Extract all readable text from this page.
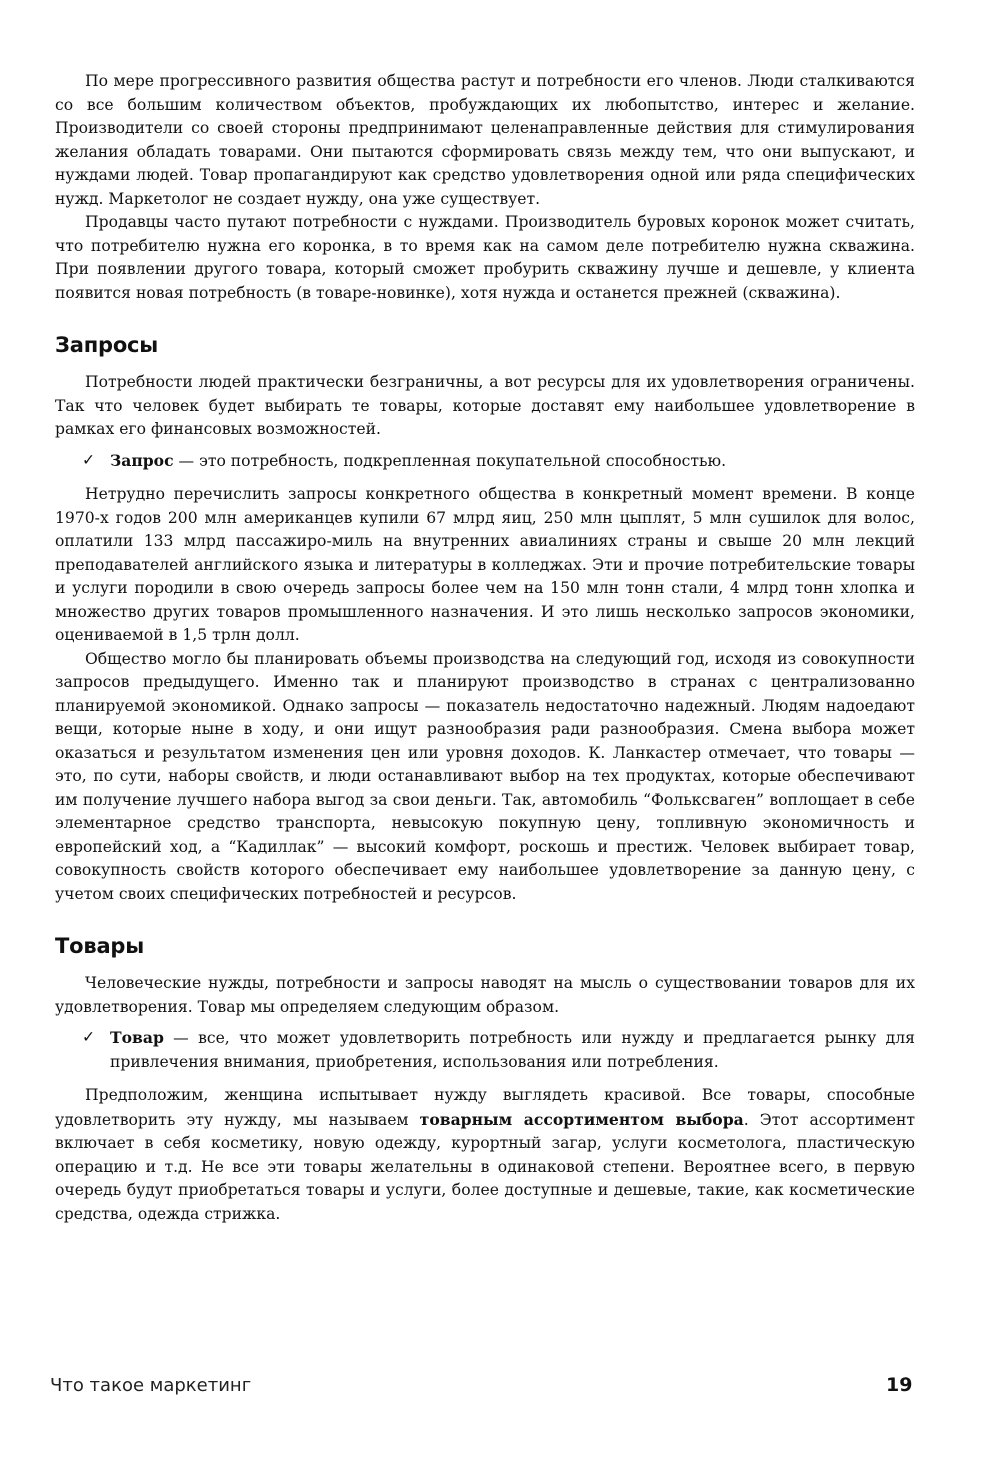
По мере прогрессивного развития общества растут и потребности его членов. Люди сталкиваются со все большим количеством объектов, пробуждающих их любопытство, интерес и желание. Производители со своей стороны предпринимают целенаправленные действия для стимулирования желания обладать товарами. Они пытаются сформировать связь между тем, что они выпускают, и нуждами людей. Товар пропагандируют как средство удовлетворения одной или ряда специфических нужд. Маркетолог не создает нужду, она уже существует.

Продавцы часто путают потребности с нуждами. Производитель буровых коронок может считать, что потребителю нужна его коронка, в то время как на самом деле потребителю нужна скважина. При появлении другого товара, который сможет пробурить скважину лучше и дешевле, у клиента появится новая потребность (в товаре-новинке), хотя нужда и останется прежней (скважина).

Запросы

Потребности людей практически безграничны, а вот ресурсы для их удовлетворения ограничены. Так что человек будет выбирать те товары, которые доставят ему наибольшее удовлетворение в рамках его финансовых возможностей.

✓ Запрос — это потребность, подкрепленная покупательной способностью.

Нетрудно перечислить запросы конкретного общества в конкретный момент времени. В конце 1970-х годов 200 млн американцев купили 67 млрд яиц, 250 млн цыплят, 5 млн сушилок для волос, оплатили 133 млрд пассажиро-миль на внутренних авиалиниях страны и свыше 20 млн лекций преподавателей английского языка и литературы в колледжах. Эти и прочие потребительские товары и услуги породили в свою очередь запросы более чем на 150 млн тонн стали, 4 млрд тонн хлопка и множество других товаров промышленного назначения. И это лишь несколько запросов экономики, оцениваемой в 1,5 трлн долл.

Общество могло бы планировать объемы производства на следующий год, исходя из совокупности запросов предыдущего. Именно так и планируют производство в странах с централизованно планируемой экономикой. Однако запросы — показатель недостаточно надежный. Людям надоедают вещи, которые ныне в ходу, и они ищут разнообразия ради разнообразия. Смена выбора может оказаться и результатом изменения цен или уровня доходов. К. Ланкастер отмечает, что товары — это, по сути, наборы свойств, и люди останавливают выбор на тех продуктах, которые обеспечивают им получение лучшего набора выгод за свои деньги. Так, автомобиль “Фольксваген” воплощает в себе элементарное средство транспорта, невысокую покупную цену, топливную экономичность и европейский ход, а “Кадиллак” — высокий комфорт, роскошь и престиж. Человек выбирает товар, совокупность свойств которого обеспечивает ему наибольшее удовлетворение за данную цену, с учетом своих специфических потребностей и ресурсов.

Товары

Человеческие нужды, потребности и запросы наводят на мысль о существовании товаров для их удовлетворения. Товар мы определяем следующим образом.

✓ Товар — все, что может удовлетворить потребность или нужду и предлагается рынку для привлечения внимания, приобретения, использования или потребления.

Предположим, женщина испытывает нужду выглядеть красивой. Все товары, способные удовлетворить эту нужду, мы называем товарным ассортиментом выбора. Этот ассортимент включает в себя косметику, новую одежду, курортный загар, услуги косметолога, пластическую операцию и т.д. Не все эти товары желательны в одинаковой степени. Вероятнее всего, в первую очередь будут приобретаться товары и услуги, более доступные и дешевые, такие, как косметические средства, одежда стрижка.

Что такое маркетинг	19
